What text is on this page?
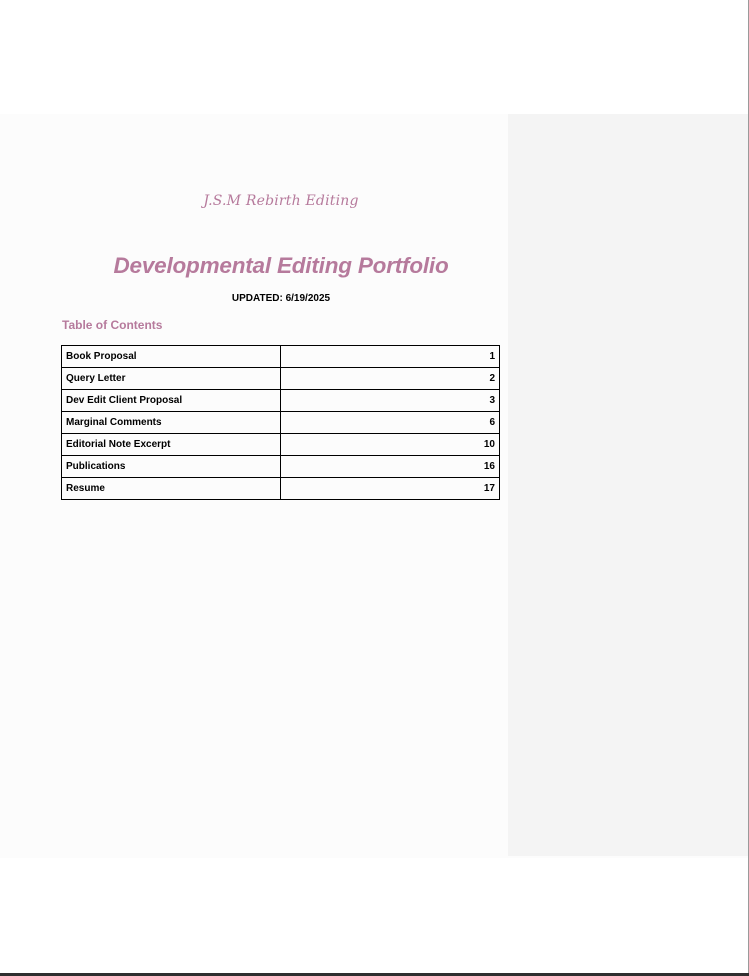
J.S.M Rebirth Editing
Developmental Editing Portfolio
UPDATED: 6/19/2025
Table of Contents
Book Proposal	1
Query Letter	2
Dev Edit Client Proposal	3
Marginal Comments	6
Editorial Note Excerpt	10
Publications	16
Resume	17
